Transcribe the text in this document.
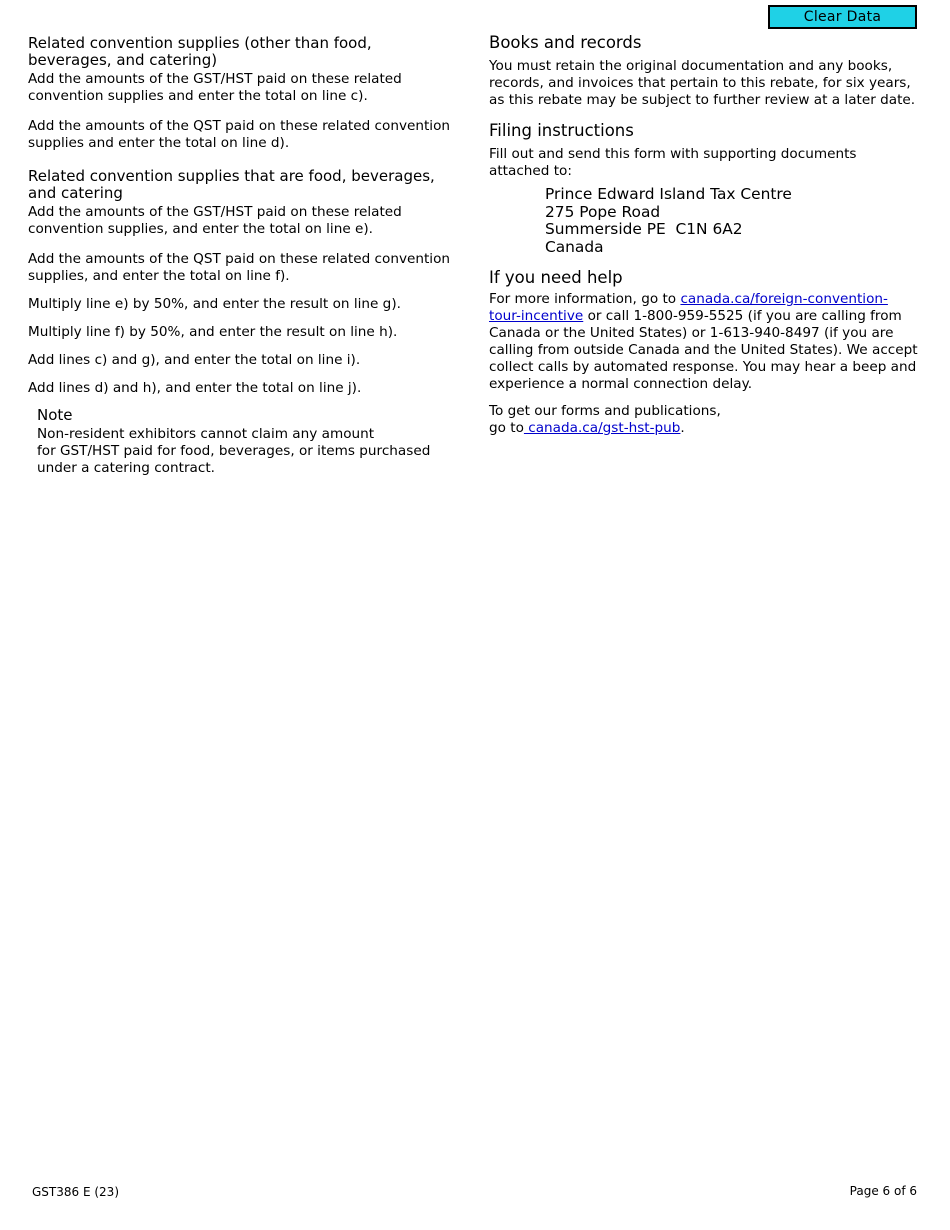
Clear Data
Related convention supplies (other than food, beverages, and catering)

Add the amounts of the GST/HST paid on these related convention supplies and enter the total on line c).

Add the amounts of the QST paid on these related convention supplies and enter the total on line d).

Related convention supplies that are food, beverages, and catering

Add the amounts of the GST/HST paid on these related convention supplies, and enter the total on line e).

Add the amounts of the QST paid on these related convention supplies, and enter the total on line f).

Multiply line e) by 50%, and enter the result on line g).

Multiply line f) by 50%, and enter the result on line h).

Add lines c) and g), and enter the total on line i).

Add lines d) and h), and enter the total on line j).

Note
Non-resident exhibitors cannot claim any amount
for GST/HST paid for food, beverages, or items purchased
under a catering contract.
Books and records

You must retain the original documentation and any books, records, and invoices that pertain to this rebate, for six years, as this rebate may be subject to further review at a later date.

Filing instructions

Fill out and send this form with supporting documents attached to:

Prince Edward Island Tax Centre
275 Pope Road
Summerside PE  C1N 6A2
Canada
If you need help

For more information, go to canada.ca/foreign-convention-tour-incentive or call 1-800-959-5525 (if you are calling from Canada or the United States) or 1-613-940-8497 (if you are calling from outside Canada and the United States). We accept collect calls by automated response. You may hear a beep and experience a normal connection delay.

To get our forms and publications,
go to canada.ca/gst-hst-pub.

GST386 E (23)	Page 6 of 6
